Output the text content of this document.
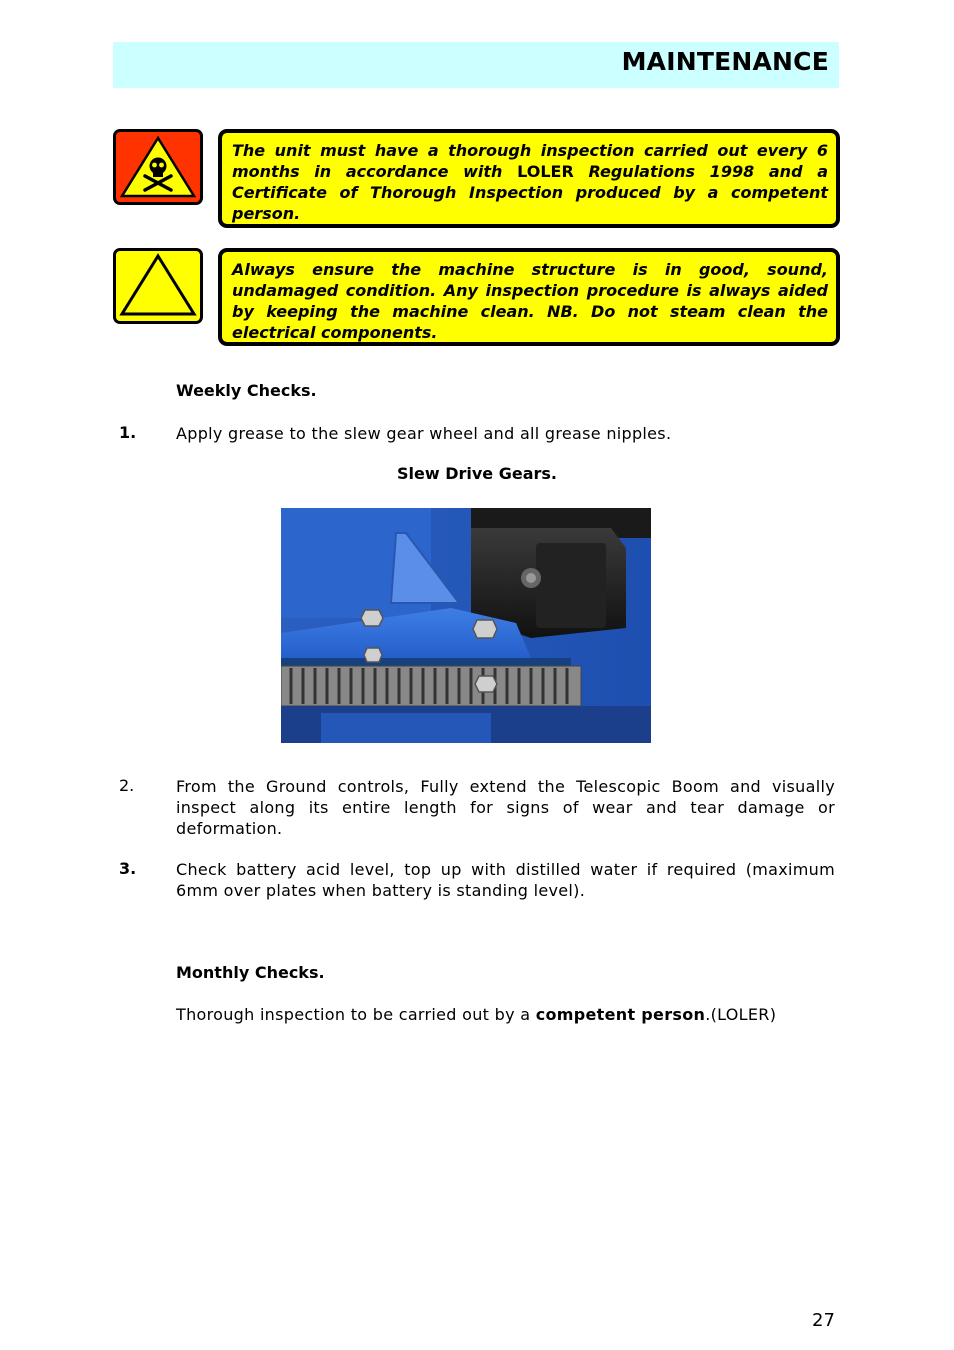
MAINTENANCE

The unit must have a thorough inspection carried out every 6 months in accordance with LOLER Regulations 1998 and a Certificate of Thorough Inspection produced by a competent person.

Always ensure the machine structure is in good, sound, undamaged condition. Any inspection procedure is always aided by keeping the machine clean. NB. Do not steam clean the electrical components.

Weekly Checks.
1. Apply grease to the slew gear wheel and all grease nipples.

Slew Drive Gears.
2.	From the Ground controls, Fully extend the Telescopic Boom and visually inspect along its entire length for signs of wear and tear damage or deformation.

3. Check battery acid level, top up with distilled water if required (maximum 6mm over plates when battery is standing level).

Monthly Checks.

Thorough inspection to be carried out by a competent person.(LOLER)

27
